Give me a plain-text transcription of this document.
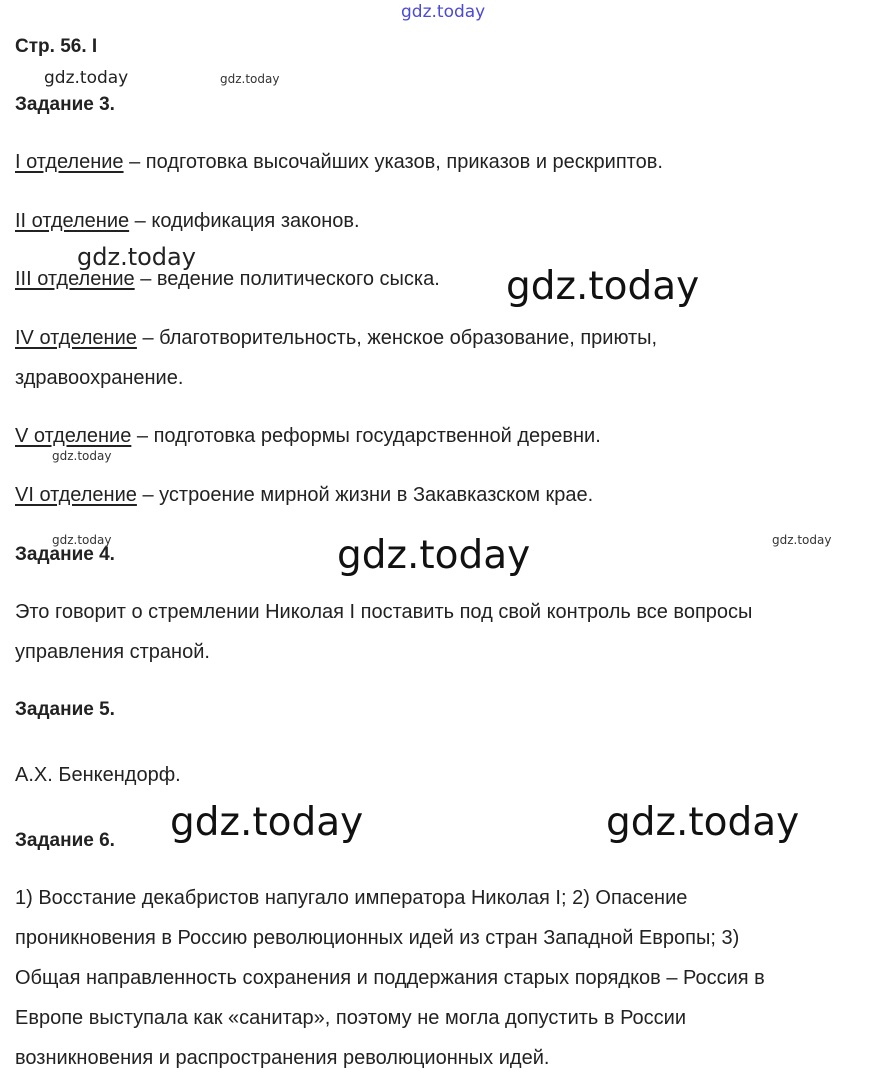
gdz.today
gdz.today	gdz.today
gdz.today
gdz.today
gdz.today
gdz.today	gdz.today	gdz.today
gdz.today	gdz.today
Стр. 56. I
Задание 3.
I отделение – подготовка высочайших указов, приказов и рескриптов.
II отделение – кодификация законов.
III отделение – ведение политического сыска.
IV отделение – благотворительность, женское образование, приюты,
здравоохранение.
V отделение – подготовка реформы государственной деревни.
VI отделение – устроение мирной жизни в Закавказском крае.
Задание 4.
Это говорит о стремлении Николая I поставить под свой контроль все вопросы
управления страной.
Задание 5.
А.Х. Бенкендорф.
Задание 6.
1) Восстание декабристов напугало императора Николая I; 2) Опасение
проникновения в Россию революционных идей из стран Западной Европы; 3)
Общая направленность сохранения и поддержания старых порядков – Россия в
Европе выступала как «санитар», поэтому не могла допустить в России
возникновения и распространения революционных идей.
